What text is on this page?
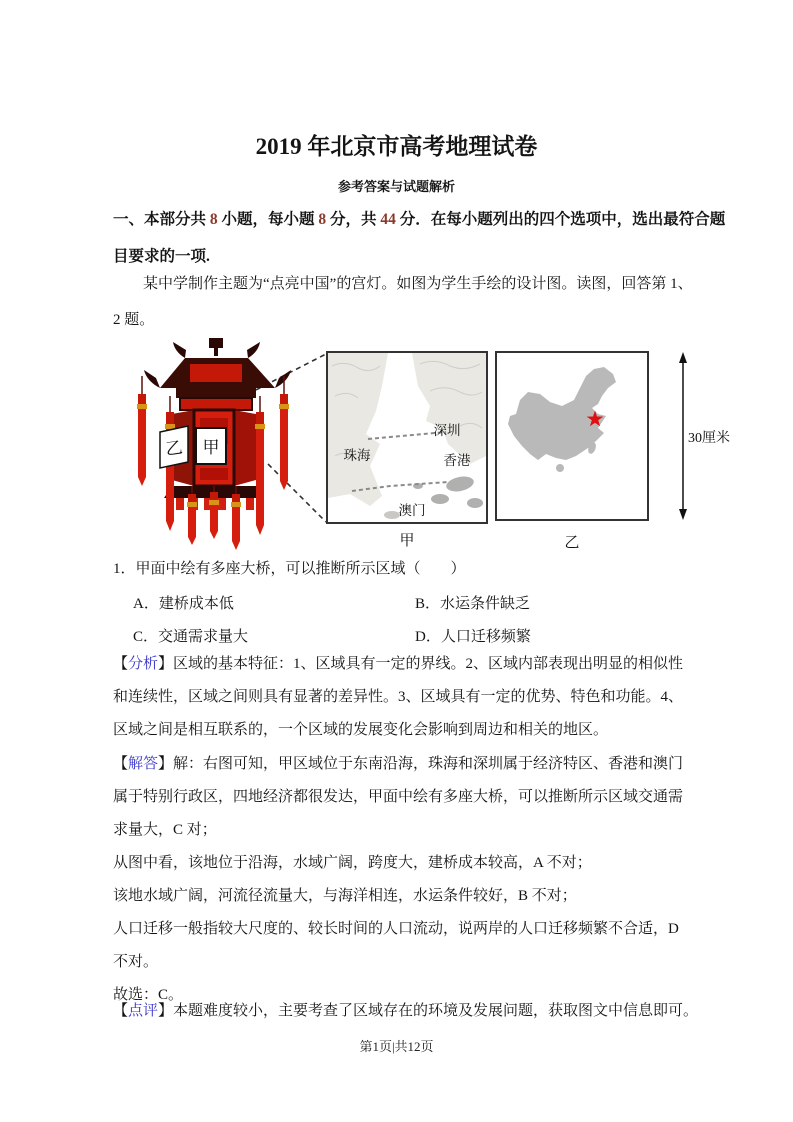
2019 年北京市高考地理试卷
参考答案与试题解析
一、本部分共 8 小题，每小题 8 分，共 44 分．在每小题列出的四个选项中，选出最符合题
目要求的一项.
某中学制作主题为“点亮中国”的宫灯。如图为学生手绘的设计图。读图，回答第 1、
2 题。
乙 甲
深圳
珠海	香港
澳门
甲	乙
30厘米
1．甲面中绘有多座大桥，可以推断所示区域（　　）
A．建桥成本低	B．水运条件缺乏
C．交通需求量大	D．人口迁移频繁
【分析】区域的基本特征：1、区域具有一定的界线。2、区域内部表现出明显的相似性
和连续性，区域之间则具有显著的差异性。3、区域具有一定的优势、特色和功能。4、
区域之间是相互联系的，一个区域的发展变化会影响到周边和相关的地区。
【解答】解：右图可知，甲区域位于东南沿海，珠海和深圳属于经济特区、香港和澳门
属于特别行政区，四地经济都很发达，甲面中绘有多座大桥，可以推断所示区域交通需
求量大，C 对；
从图中看，该地位于沿海，水域广阔，跨度大，建桥成本较高，A 不对；
该地水域广阔，河流径流量大，与海洋相连，水运条件较好，B 不对；
人口迁移一般指较大尺度的、较长时间的人口流动，说两岸的人口迁移频繁不合适，D
不对。
故选：C。
【点评】本题难度较小，主要考查了区域存在的环境及发展问题，获取图文中信息即可。
第1页|共12页
